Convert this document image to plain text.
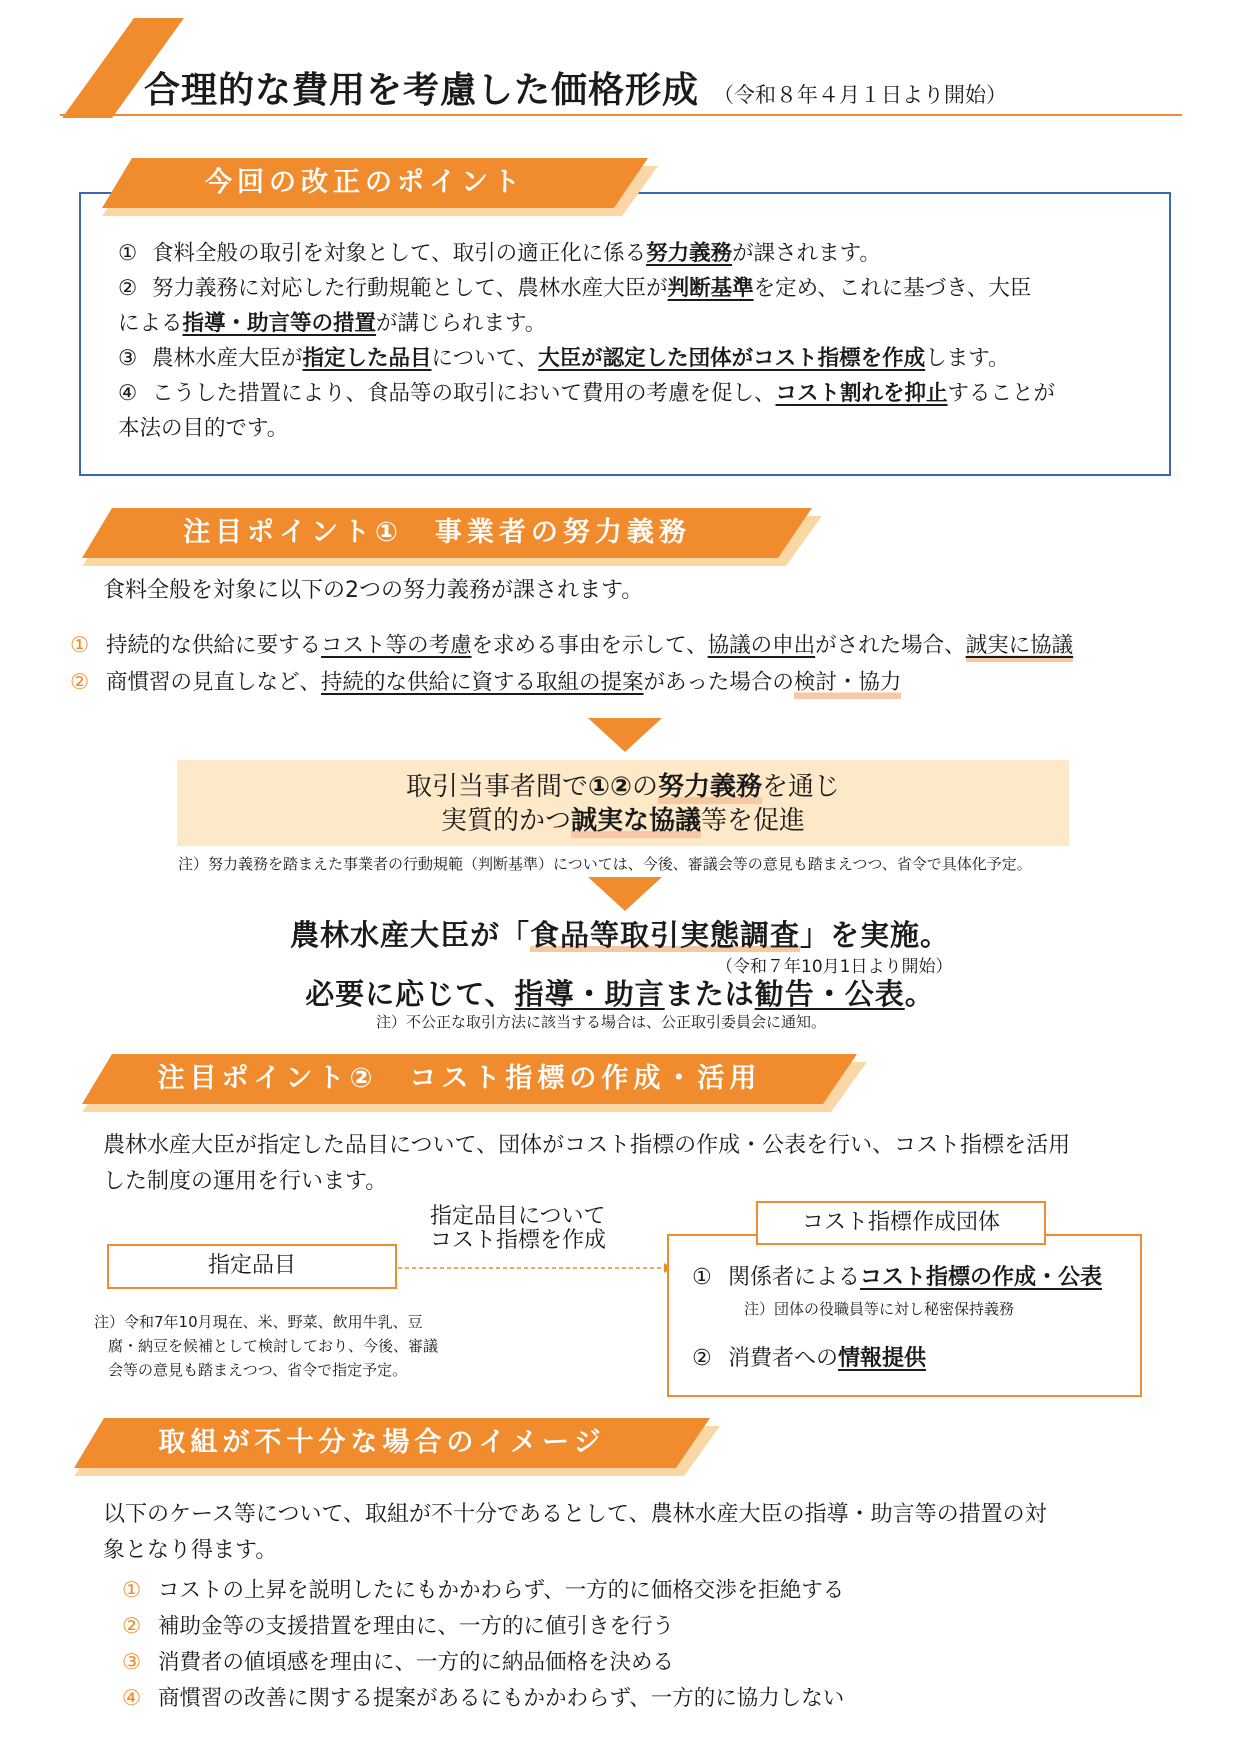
合理的な費用を考慮した価格形成 （令和８年４月１日より開始）
今回の改正のポイント
① 食料全般の取引を対象として、取引の適正化に係る努力義務が課されます。
② 努力義務に対応した行動規範として、農林水産大臣が判断基準を定め、これに基づき、大臣
による指導・助言等の措置が講じられます。
③ 農林水産大臣が指定した品目について、大臣が認定した団体がコスト指標を作成します。
④ こうした措置により、食品等の取引において費用の考慮を促し、コスト割れを抑止することが
本法の目的です。
注目ポイント①　事業者の努力義務
食料全般を対象に以下の2つの努力義務が課されます。
① 持続的な供給に要するコスト等の考慮を求める事由を示して、協議の申出がされた場合、誠実に協議
② 商慣習の見直しなど、持続的な供給に資する取組の提案があった場合の検討・協力
取引当事者間で①②の努力義務を通じ
実質的かつ誠実な協議等を促進
注）努力義務を踏まえた事業者の行動規範（判断基準）については、今後、審議会等の意見も踏まえつつ、省令で具体化予定。
農林水産大臣が「食品等取引実態調査」を実施。
（令和７年10月1日より開始）
必要に応じて、指導・助言または勧告・公表。
注）不公正な取引方法に該当する場合は、公正取引委員会に通知。
注目ポイント②　コスト指標の作成・活用
農林水産大臣が指定した品目について、団体がコスト指標の作成・公表を行い、コスト指標を活用
した制度の運用を行います。
指定品目について
コスト指標を作成
指定品目
コスト指標作成団体
① 関係者によるコスト指標の作成・公表
注）団体の役職員等に対し秘密保持義務
② 消費者への情報提供
注）令和7年10月現在、米、野菜、飲用牛乳、豆
腐・納豆を候補として検討しており、今後、審議
会等の意見も踏まえつつ、省令で指定予定。
取組が不十分な場合のイメージ
以下のケース等について、取組が不十分であるとして、農林水産大臣の指導・助言等の措置の対
象となり得ます。
① コストの上昇を説明したにもかかわらず、一方的に価格交渉を拒絶する
② 補助金等の支援措置を理由に、一方的に値引きを行う
③ 消費者の値頃感を理由に、一方的に納品価格を決める
④ 商慣習の改善に関する提案があるにもかかわらず、一方的に協力しない
